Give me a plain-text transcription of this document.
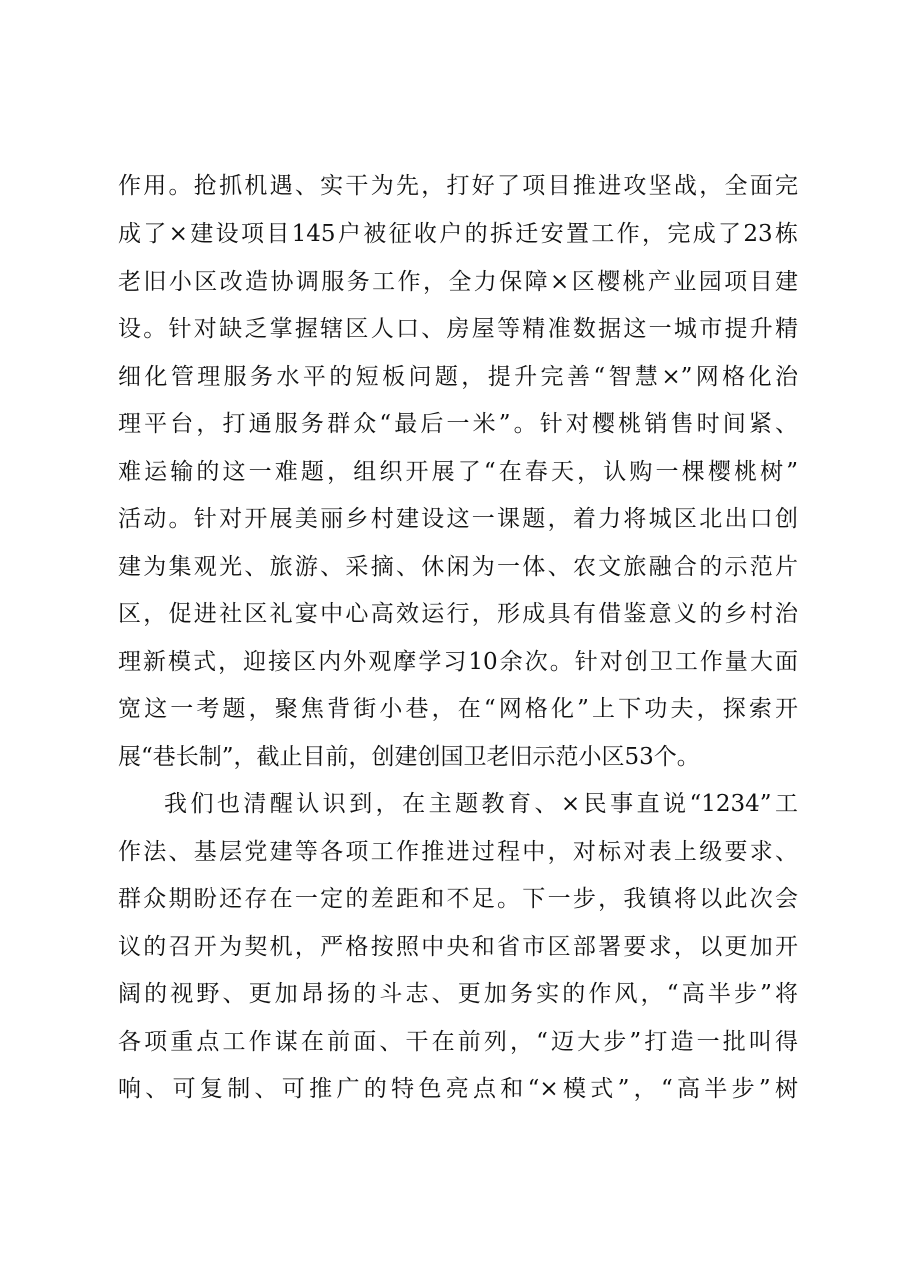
作用。抢抓机遇、实干为先，打好了项目推进攻坚战，全面完
成了×建设项目145户被征收户的拆迁安置工作，完成了23栋
老旧小区改造协调服务工作，全力保障×区樱桃产业园项目建
设。针对缺乏掌握辖区人口、房屋等精准数据这一城市提升精
细化管理服务水平的短板问题，提升完善“智慧×”网格化治
理平台，打通服务群众“最后一米”。针对樱桃销售时间紧、
难运输的这一难题，组织开展了“在春天，认购一棵樱桃树”
活动。针对开展美丽乡村建设这一课题，着力将城区北出口创
建为集观光、旅游、采摘、休闲为一体、农文旅融合的示范片
区，促进社区礼宴中心高效运行，形成具有借鉴意义的乡村治
理新模式，迎接区内外观摩学习10余次。针对创卫工作量大面
宽这一考题，聚焦背街小巷，在“网格化”上下功夫，探索开
展“巷长制”，截止目前，创建创国卫老旧示范小区53个。
我们也清醒认识到，在主题教育、×民事直说“1234”工
作法、基层党建等各项工作推进过程中，对标对表上级要求、
群众期盼还存在一定的差距和不足。下一步，我镇将以此次会
议的召开为契机，严格按照中央和省市区部署要求，以更加开
阔的视野、更加昂扬的斗志、更加务实的作风，“高半步”将
各项重点工作谋在前面、干在前列，“迈大步”打造一批叫得
响、可复制、可推广的特色亮点和“×模式”，“高半步”树
